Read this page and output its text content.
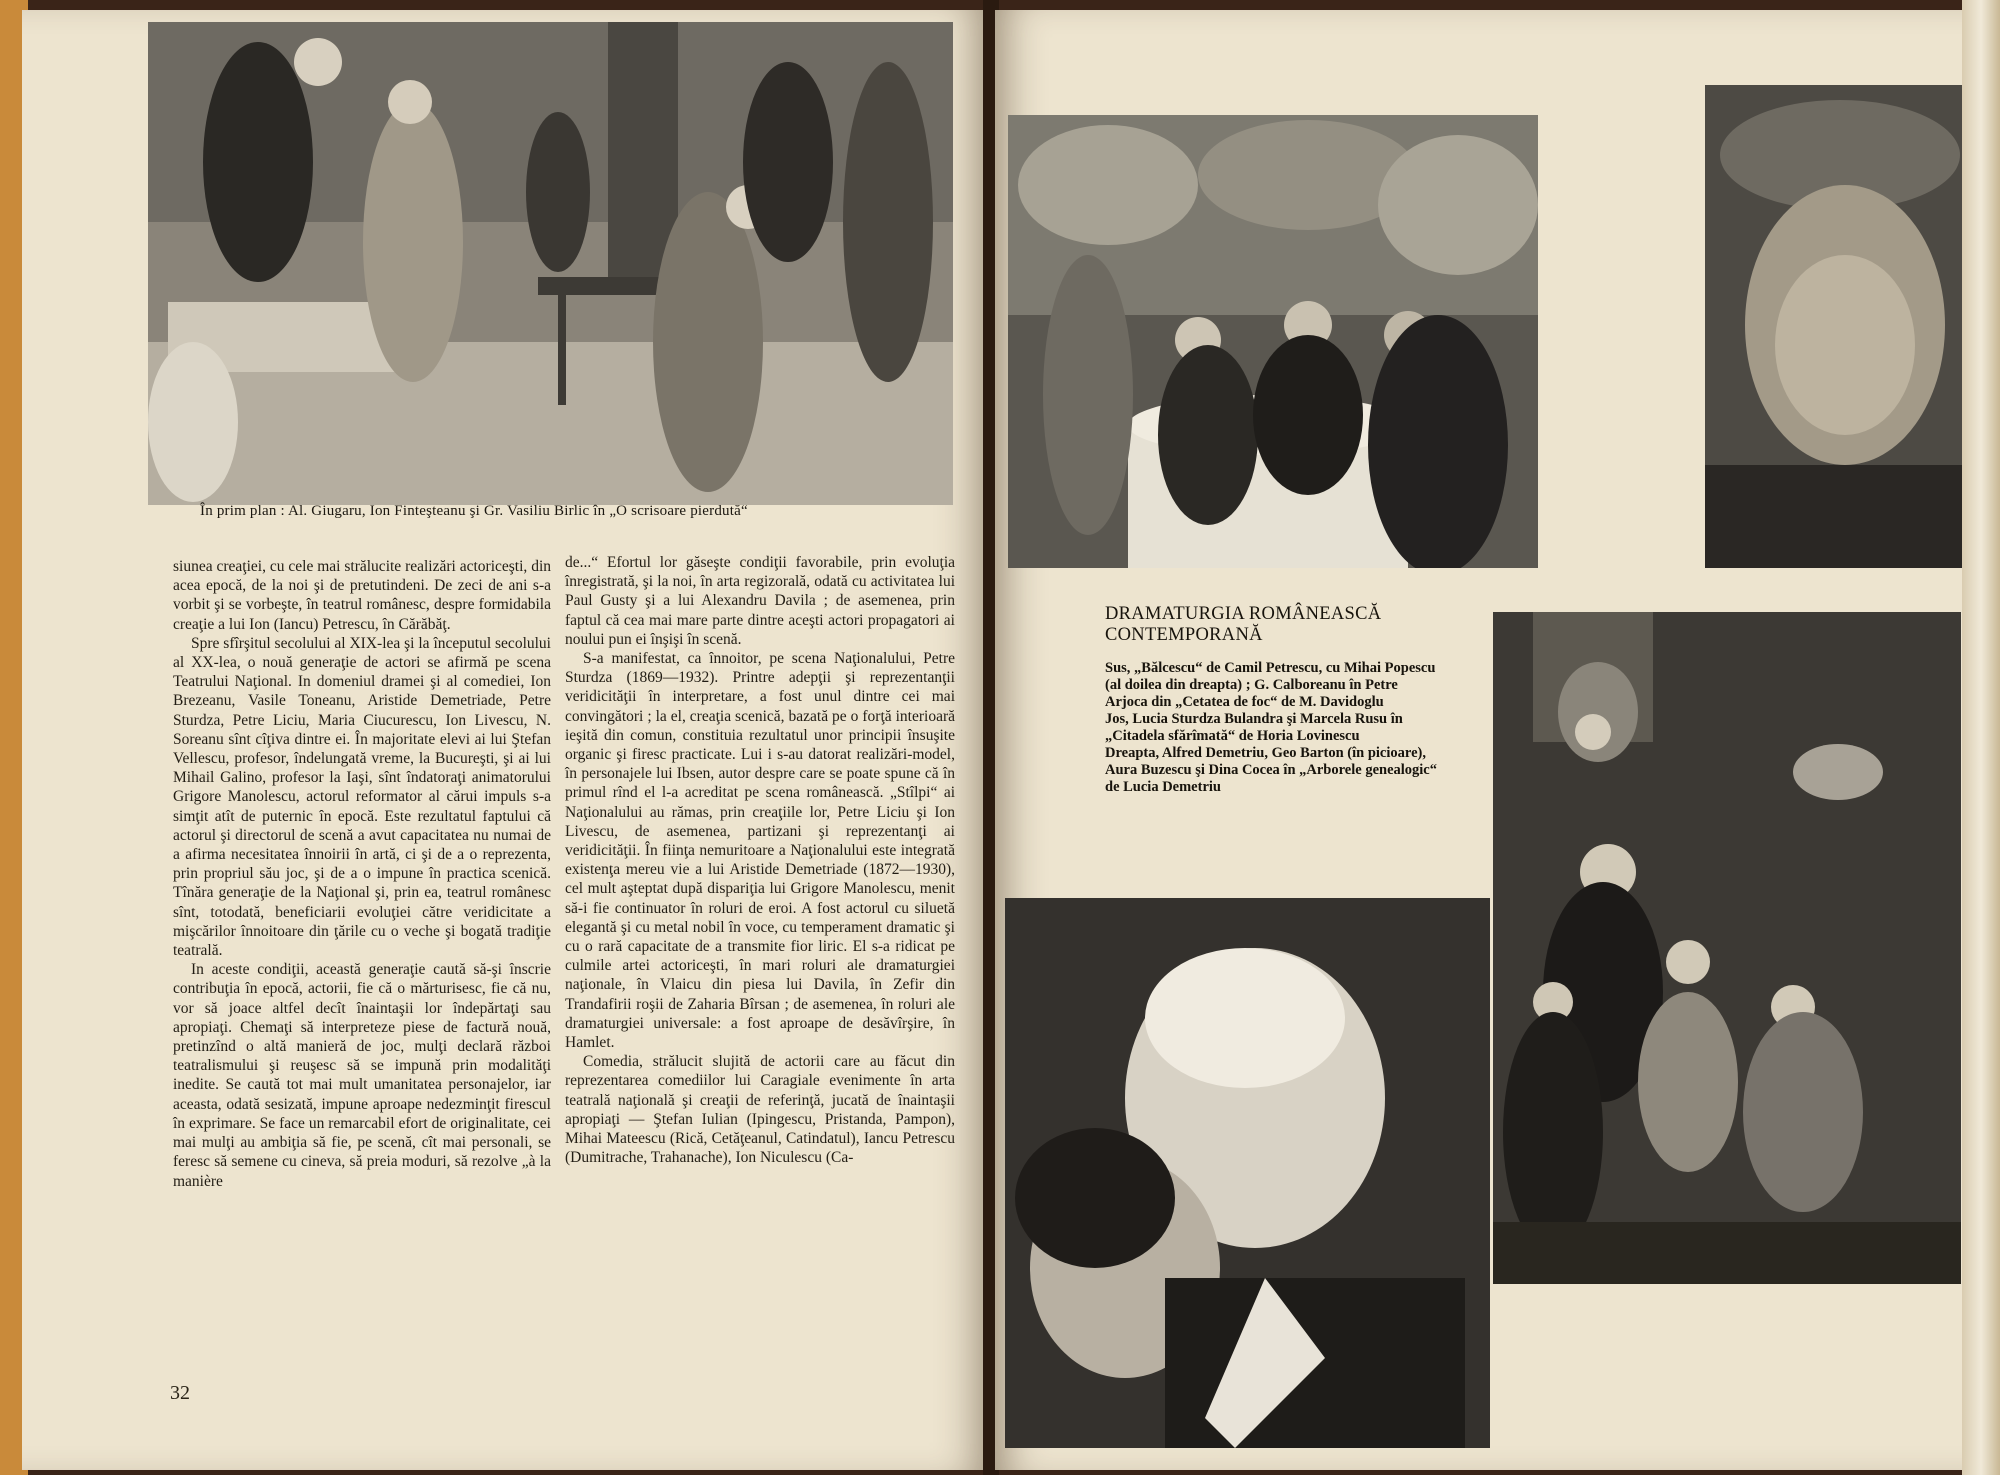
În prim plan : Al. Giugaru, Ion Finteşteanu şi Gr. Vasiliu Birlic în „O scrisoare pierdută“

siunea creaţiei, cu cele mai strălucite realizări actoriceşti, din acea epocă, de la noi şi de pretutindeni. De zeci de ani s-a vorbit şi se vorbeşte, în teatrul românesc, despre formidabila creaţie a lui Ion (Iancu) Petrescu, în Cărăbăţ.

Spre sfîrşitul secolului al XIX-lea şi la începutul secolului al XX-lea, o nouă generaţie de actori se afirmă pe scena Teatrului Naţional. In domeniul dramei şi al comediei, Ion Brezeanu, Vasile Toneanu, Aristide Demetriade, Petre Sturdza, Petre Liciu, Maria Ciucurescu, Ion Livescu, N. Soreanu sînt cîţiva dintre ei. În majoritate elevi ai lui Ştefan Vellescu, profesor, îndelungată vreme, la Bucureşti, şi ai lui Mihail Galino, profesor la Iaşi, sînt îndatoraţi animatorului Grigore Manolescu, actorul reformator al cărui impuls s-a simţit atît de puternic în epocă. Este rezultatul faptului că actorul şi directorul de scenă a avut capacitatea nu numai de a afirma necesitatea înnoirii în artă, ci şi de a o reprezenta, prin propriul său joc, şi de a o impune în practica scenică. Tînăra generaţie de la Naţional şi, prin ea, teatrul românesc sînt, totodată, beneficiarii evoluţiei către veridicitate a mişcărilor înnoitoare din ţările cu o veche şi bogată tradiţie teatrală.

In aceste condiţii, această generaţie caută să-şi înscrie contribuţia în epocă, actorii, fie că o mărturisesc, fie că nu, vor să joace altfel decît înaintaşii lor îndepărtaţi sau apropiaţi. Chemaţi să interpreteze piese de factură nouă, pretinzînd o altă manieră de joc, mulţi declară război teatralismului şi reuşesc să se impună prin modalităţi inedite. Se caută tot mai mult umanitatea personajelor, iar aceasta, odată sesizată, impune aproape nedezminţit firescul în exprimare. Se face un remarcabil efort de originalitate, cei mai mulţi au ambiţia să fie, pe scenă, cît mai personali, se feresc să semene cu cineva, să preia moduri, să rezolve „à la manière

de...“ Efortul lor găseşte condiţii favorabile, prin evoluţia înregistrată, şi la noi, în arta regizorală, odată cu activitatea lui Paul Gusty şi a lui Alexandru Davila ; de asemenea, prin faptul că cea mai mare parte dintre aceşti actori propagatori ai noului pun ei înşişi în scenă.

S-a manifestat, ca înnoitor, pe scena Naţionalului, Petre Sturdza (1869—1932). Printre adepţii şi reprezentanţii veridicităţii în interpretare, a fost unul dintre cei mai convingători ; la el, creaţia scenică, bazată pe o forţă interioară ieşită din comun, constituia rezultatul unor principii însuşite organic şi firesc practicate. Lui i s-au datorat realizări-model, în personajele lui Ibsen, autor despre care se poate spune că în primul rînd el l-a acreditat pe scena românească. „Stîlpi“ ai Naţionalului au rămas, prin creaţiile lor, Petre Liciu şi Ion Livescu, de asemenea, partizani şi reprezentanţi ai veridicităţii. În fiinţa nemuritoare a Naţionalului este integrată existenţa mereu vie a lui Aristide Demetriade (1872—1930), cel mult aşteptat după dispariţia lui Grigore Manolescu, menit să-i fie continuator în roluri de eroi. A fost actorul cu siluetă elegantă şi cu metal nobil în voce, cu temperament dramatic şi cu o rară capacitate de a transmite fior liric. El s-a ridicat pe culmile artei actoriceşti, în mari roluri ale dramaturgiei naţionale, în Vlaicu din piesa lui Davila, în Zefir din Trandafirii roşii de Zaharia Bîrsan ; de asemenea, în roluri ale dramaturgiei universale: a fost aproape de desăvîrşire, în Hamlet.

Comedia, strălucit slujită de actorii care au făcut din reprezentarea comediilor lui Caragiale evenimente în arta teatrală naţională şi creaţii de referinţă, jucată de înaintaşii apropiaţi — Ştefan Iulian (Ipingescu, Pristanda, Pampon), Mihai Mateescu (Rică, Cetăţeanul, Catindatul), Iancu Petrescu (Dumitrache, Trahanache), Ion Niculescu (Ca-

32
DRAMATURGIA ROMÂNEASCĂ
CONTEMPORANĂ
Sus, „Bălcescu“ de Camil Petrescu, cu Mihai Popescu (al doilea din dreapta) ; G. Calboreanu în Petre Arjoca din „Cetatea de foc“ de M. Davidoglu
Jos, Lucia Sturdza Bulandra şi Marcela Rusu în „Citadela sfărîmată“ de Horia Lovinescu
Dreapta, Alfred Demetriu, Geo Barton (în picioare), Aura Buzescu şi Dina Cocea în „Arborele genealogic“ de Lucia Demetriu
